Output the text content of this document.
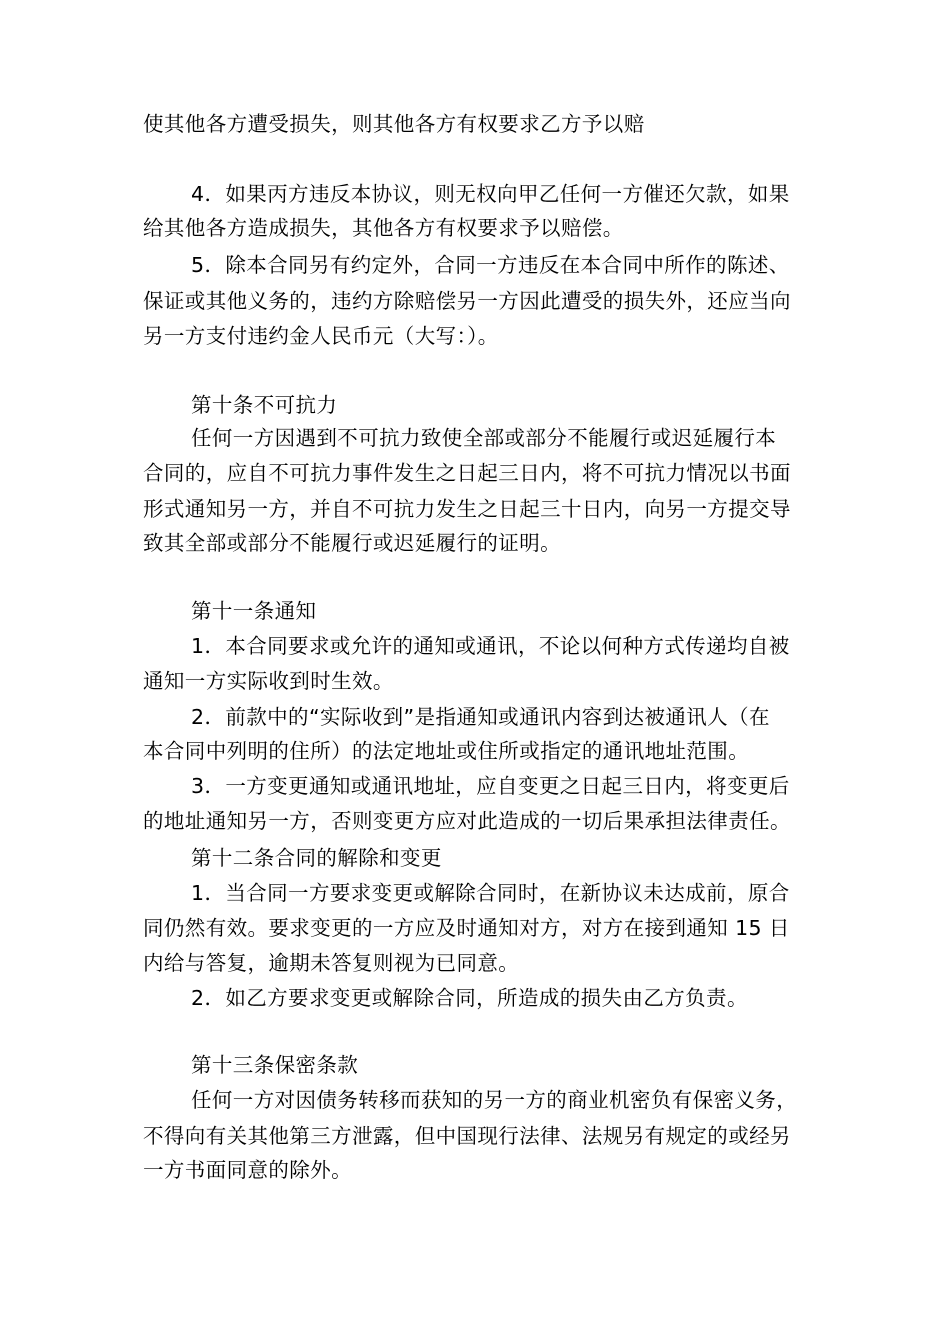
使其他各方遭受损失，则其他各方有权要求乙方予以赔
4．如果丙方违反本协议，则无权向甲乙任何一方催还欠款，如果
给其他各方造成损失，其他各方有权要求予以赔偿。
5．除本合同另有约定外，合同一方违反在本合同中所作的陈述、
保证或其他义务的，违约方除赔偿另一方因此遭受的损失外，还应当向
另一方支付违约金人民币元（大写：）。
第十条不可抗力
任何一方因遇到不可抗力致使全部或部分不能履行或迟延履行本
合同的，应自不可抗力事件发生之日起三日内，将不可抗力情况以书面
形式通知另一方，并自不可抗力发生之日起三十日内，向另一方提交导
致其全部或部分不能履行或迟延履行的证明。
第十一条通知
1．本合同要求或允许的通知或通讯，不论以何种方式传递均自被
通知一方实际收到时生效。
2．前款中的“实际收到”是指通知或通讯内容到达被通讯人（在
本合同中列明的住所）的法定地址或住所或指定的通讯地址范围。
3．一方变更通知或通讯地址，应自变更之日起三日内，将变更后
的地址通知另一方，否则变更方应对此造成的一切后果承担法律责任。
第十二条合同的解除和变更
1．当合同一方要求变更或解除合同时，在新协议未达成前，原合
同仍然有效。要求变更的一方应及时通知对方，对方在接到通知 15 日
内给与答复，逾期未答复则视为已同意。
2．如乙方要求变更或解除合同，所造成的损失由乙方负责。
第十三条保密条款
任何一方对因债务转移而获知的另一方的商业机密负有保密义务，
不得向有关其他第三方泄露，但中国现行法律、法规另有规定的或经另
一方书面同意的除外。
